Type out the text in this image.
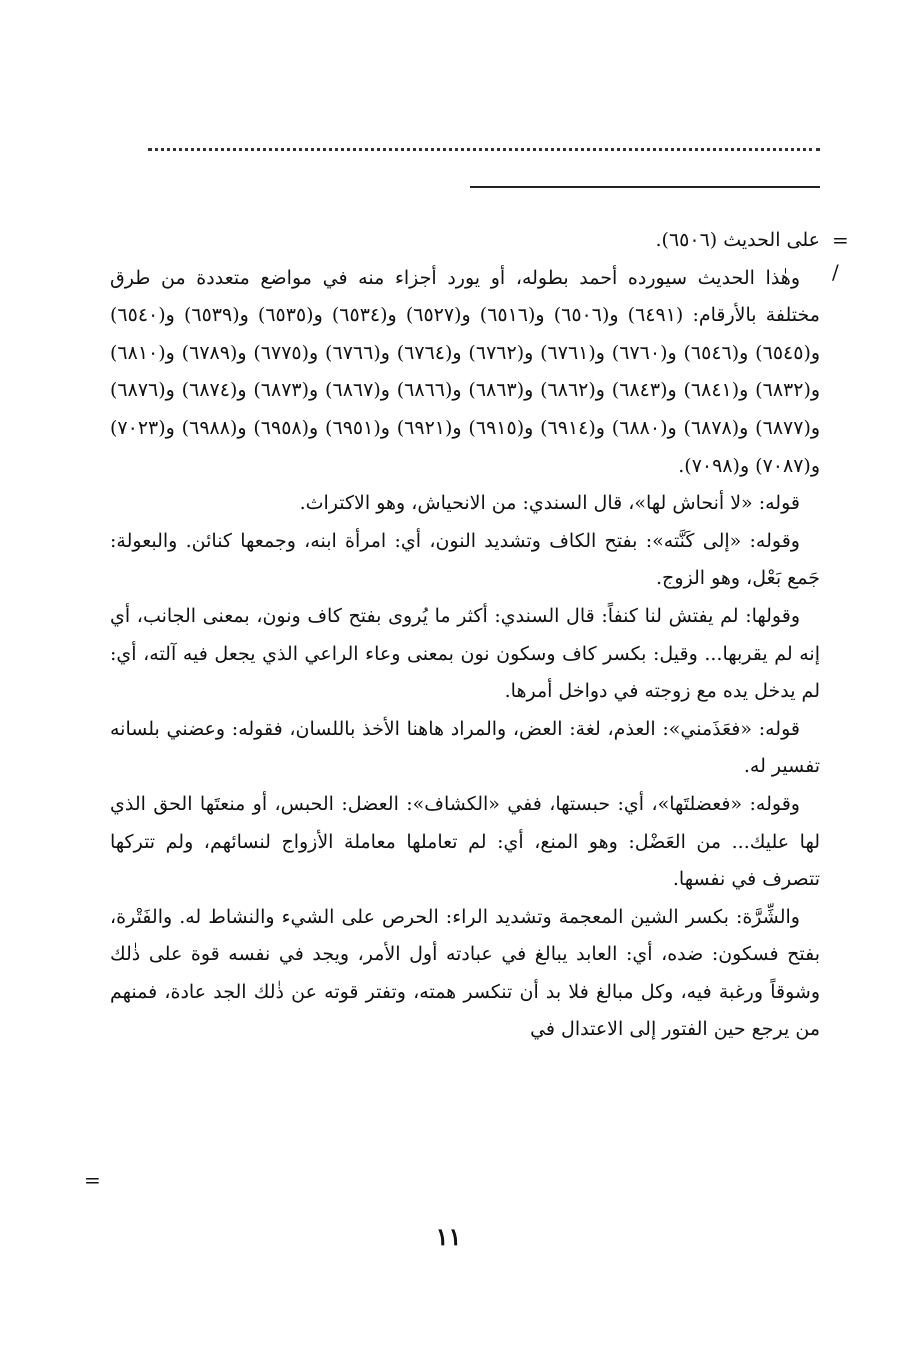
=
/
=

على الحديث (٦٥٠٦).

وهٰذا الحديث سيورده أحمد بطوله، أو يورد أجزاء منه في مواضع متعددة من طرق مختلفة بالأرقام: (٦٤٩١) و(٦٥٠٦) و(٦٥١٦) و(٦٥٢٧) و(٦٥٣٤) و(٦٥٣٥) و(٦٥٣٩) و(٦٥٤٠) و(٦٥٤٥) و(٦٥٤٦) و(٦٧٦٠) و(٦٧٦١) و(٦٧٦٢) و(٦٧٦٤) و(٦٧٦٦) و(٦٧٧٥) و(٦٧٨٩) و(٦٨١٠) و(٦٨٣٢) و(٦٨٤١) و(٦٨٤٣) و(٦٨٦٢) و(٦٨٦٣) و(٦٨٦٦) و(٦٨٦٧) و(٦٨٧٣) و(٦٨٧٤) و(٦٨٧٦) و(٦٨٧٧) و(٦٨٧٨) و(٦٨٨٠) و(٦٩١٤) و(٦٩١٥) و(٦٩٢١) و(٦٩٥١) و(٦٩٥٨) و(٦٩٨٨) و(٧٠٢٣) و(٧٠٨٧) و(٧٠٩٨).

قوله: «لا أنحاش لها»، قال السندي: من الانحياش، وهو الاكتراث.

وقوله: «إلى كَنَّته»: بفتح الكاف وتشديد النون، أي: امرأة ابنه، وجمعها كنائن. والبعولة: جَمع بَعْل، وهو الزوج.

وقولها: لم يفتش لنا كنفاً: قال السندي: أكثر ما يُروى بفتح كاف ونون، بمعنى الجانب، أي إنه لم يقربها... وقيل: بكسر كاف وسكون نون بمعنى وعاء الراعي الذي يجعل فيه آلته، أي: لم يدخل يده مع زوجته في دواخل أمرها.

قوله: «فعَذَمني»: العذم، لغة: العض، والمراد هاهنا الأخذ باللسان، فقوله: وعضني بلسانه تفسير له.

وقوله: «فعضلتَها»، أي: حبستها، ففي «الكشاف»: العضل: الحبس، أو منعتَها الحق الذي لها عليك... من العَضْل: وهو المنع، أي: لم تعاملها معاملة الأزواج لنسائهم، ولم تتركها تتصرف في نفسها.

والشِّرَّة: بكسر الشين المعجمة وتشديد الراء: الحرص على الشيء والنشاط له. والفَتْرة، بفتح فسكون: ضده، أي: العابد يبالغ في عبادته أول الأمر، ويجد في نفسه قوة على ذٰلك وشوقاً ورغبة فيه، وكل مبالغ فلا بد أن تنكسر همته، وتفتر قوته عن ذٰلك الجد عادة، فمنهم من يرجع حين الفتور إلى الاعتدال في

١١
